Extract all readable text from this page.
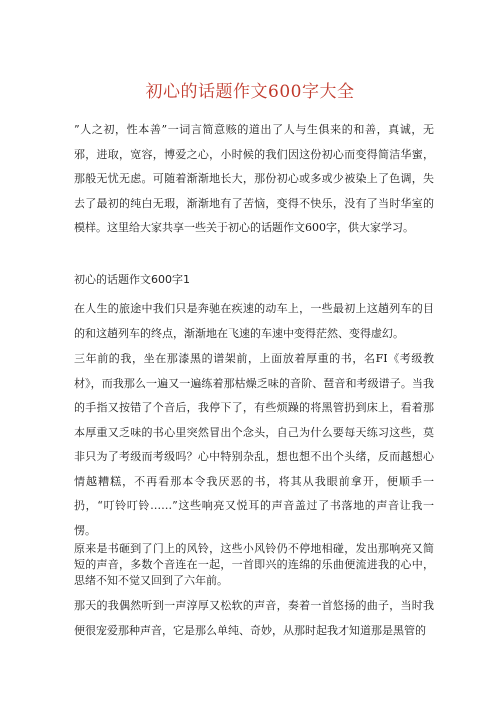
初心的话题作文600字大全

”人之初，性本善”一词言简意赅的道出了人与生俱来的和善，真诚，无邪，进取，宽容，博爱之心，小时候的我们因这份初心而变得简洁华蜜，那般无忧无虑。可随着渐渐地长大，那份初心或多或少被染上了色调，失去了最初的纯白无瑕，渐渐地有了苦恼，变得不快乐，没有了当时华室的模样。这里给大家共享一些关于初心的话题作文600字，供大家学习。

初心的话题作文600字1

在人生的旅途中我们只是奔驰在疾速的动车上，一些最初上这趟列车的目的和这趟列车的终点，渐渐地在飞速的车速中变得茫然、变得虚幻。

三年前的我，坐在那漆黑的谱架前，上面放着厚重的书，名FI《考级教材》，而我那么一遍又一遍练着那枯燥乏味的音阶、琶音和考级谱子。当我的手指又按错了个音后，我停下了，有些烦躁的将黑管扔到床上，看着那本厚重又乏味的书心里突然冒出个念头，自己为什么要每天练习这些，莫非只为了考级而考级吗？心中特别杂乱，想也想不出个头绪，反而越想心情越糟糕，不再看那本令我厌恶的书，将其从我眼前拿开，便顺手一扔，“叮铃叮铃……”这些响亮又悦耳的声音盖过了书落地的声音让我一愣。

原来是书砸到了门上的风铃，这些小风铃仍不停地相碰，发出那响亮又简短的声音，多数个音连在一起，一首即兴的连绵的乐曲便流进我的心中，思绪不知不觉又回到了六年前。

那天的我偶然听到一声淳厚又松软的声音，奏着一首悠扬的曲子，当时我便很宠爱那种声音，它是那么单纯、奇妙，从那时起我才知道那是黑管的
